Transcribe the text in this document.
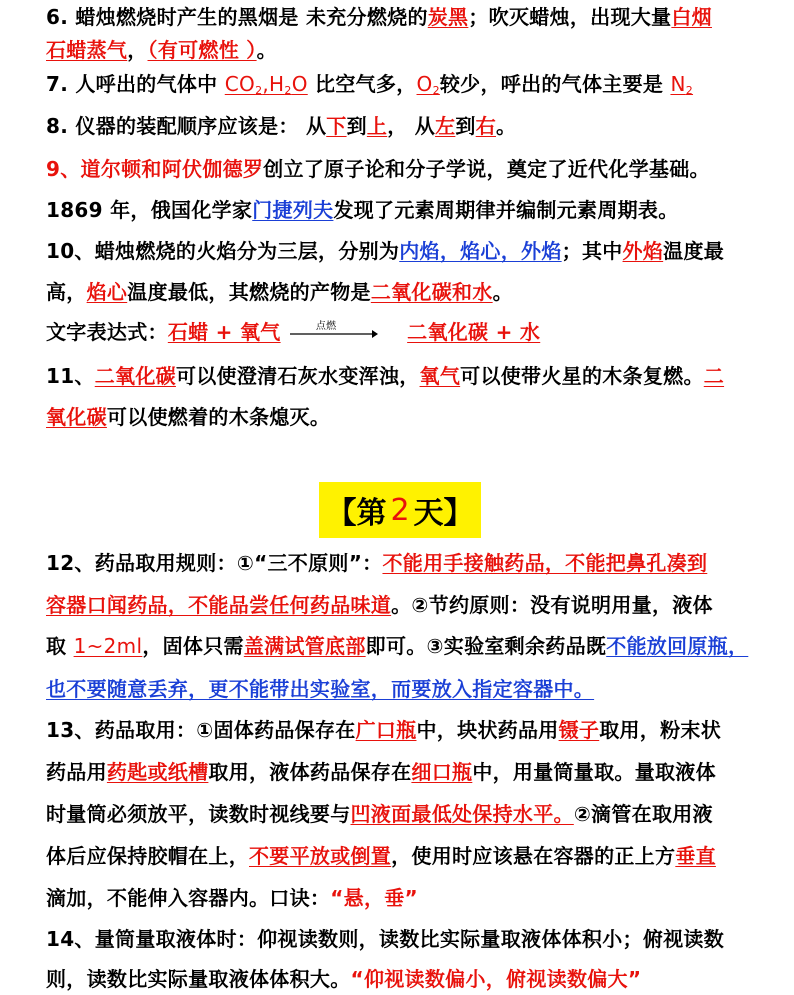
6. 蜡烛燃烧时产生的黑烟是 未充分燃烧的炭黑；吹灭蜡烛，出现大量白烟
石蜡蒸气，（有可燃性 ）。
7. 人呼出的气体中 $CO_2,H_2O$ 比空气多，$O_2$较少，呼出的气体主要是 $N_2$
8. 仪器的装配顺序应该是： 从下到上， 从左到右。
9、道尔顿和阿伏伽德罗创立了原子论和分子学说，奠定了近代化学基础。
1869 年，俄国化学家门捷列夫发现了元素周期律并编制元素周期表。
10、蜡烛燃烧的火焰分为三层，分别为内焰，焰心，外焰；其中外焰温度最
高，焰心温度最低，其燃烧的产物是二氧化碳和水。
文字表达式：石蜡 + 氧气	点燃	二氧化碳 + 水
11、二氧化碳可以使澄清石灰水变浑浊，氧气可以使带火星的木条复燃。二
氧化碳可以使燃着的木条熄灭。
【第 2 天】
12、药品取用规则：①“三不原则”：不能用手接触药品，不能把鼻孔凑到
容器口闻药品，不能品尝任何药品味道。②节约原则：没有说明用量，液体
取 1~2ml，固体只需盖满试管底部即可。③实验室剩余药品既不能放回原瓶，
也不要随意丢弃，更不能带出实验室，而要放入指定容器中。
13、药品取用：①固体药品保存在广口瓶中，块状药品用镊子取用，粉末状
药品用药匙或纸槽取用，液体药品保存在细口瓶中，用量筒量取。量取液体
时量筒必须放平，读数时视线要与凹液面最低处保持水平。②滴管在取用液
体后应保持胶帽在上，不要平放或倒置，使用时应该悬在容器的正上方垂直
滴加，不能伸入容器内。口诀：“悬，垂”
14、量筒量取液体时：仰视读数则，读数比实际量取液体体积小；俯视读数
则，读数比实际量取液体体积大。“仰视读数偏小，俯视读数偏大”
